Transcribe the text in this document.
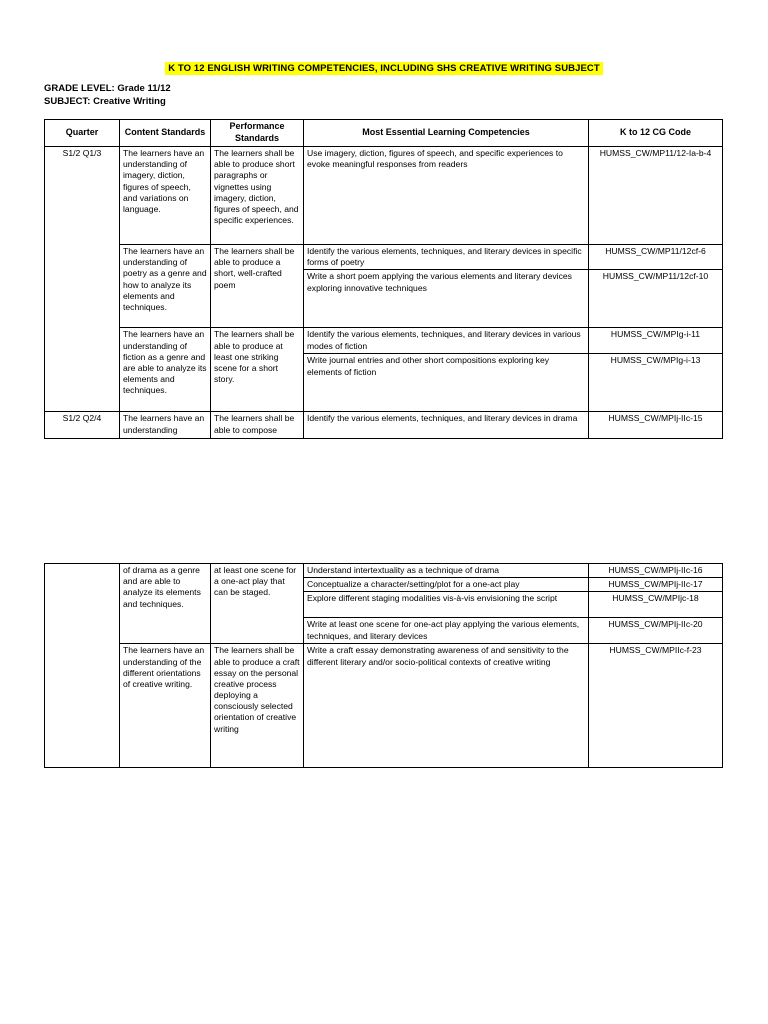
K TO 12 ENGLISH WRITING COMPETENCIES, INCLUDING SHS CREATIVE WRITING SUBJECT
GRADE LEVEL: Grade 11/12
SUBJECT: Creative Writing
Quarter	Content Standards	Performance Standards	Most Essential Learning Competencies	K to 12 CG Code
S1/2 Q1/3	The learners have an understanding of imagery, diction, figures of speech, and variations on language.	The learners shall be able to produce short paragraphs or vignettes using imagery, diction, figures of speech, and specific experiences.	Use imagery, diction, figures of speech, and specific experiences to evoke meaningful responses from readers	HUMSS_CW/MP11/12-Ia-b-4
	The learners have an understanding of poetry as a genre and how to analyze its elements and techniques.	The learners shall be able to produce a short, well-crafted poem	Identify the various elements, techniques, and literary devices in specific forms of poetry	HUMSS_CW/MP11/12cf-6
			Write a short poem applying the various elements and literary devices exploring innovative techniques	HUMSS_CW/MP11/12cf-10
	The learners have an understanding of fiction as a genre and are able to analyze its elements and techniques.	The learners shall be able to produce at least one striking scene for a short story.	Identify the various elements, techniques, and literary devices in various modes of fiction	HUMSS_CW/MPIg-i-11
			Write journal entries and other short compositions exploring key elements of fiction	HUMSS_CW/MPIg-i-13
S1/2 Q2/4	The learners have an understanding	The learners shall be able to compose	Identify the various elements, techniques, and literary devices in drama	HUMSS_CW/MPIj-IIc-15
	of drama as a genre and are able to analyze its elements and techniques.	at least one scene for a one-act play that can be staged.	Understand intertextuality as a technique of drama	HUMSS_CW/MPIj-IIc-16
			Conceptualize a character/setting/plot for a one-act play	HUMSS_CW/MPIj-IIc-17
			Explore different staging modalities vis-à-vis envisioning the script	HUMSS_CW/MPIjc-18
			Write at least one scene for one-act play applying the various elements, techniques, and literary devices	HUMSS_CW/MPIj-IIc-20
	The learners have an understanding of the different orientations of creative writing.	The learners shall be able to produce a craft essay on the personal creative process deploying a consciously selected orientation of creative writing	Write a craft essay demonstrating awareness of and sensitivity to the different literary and/or socio-political contexts of creative writing	HUMSS_CW/MPIIc-f-23
